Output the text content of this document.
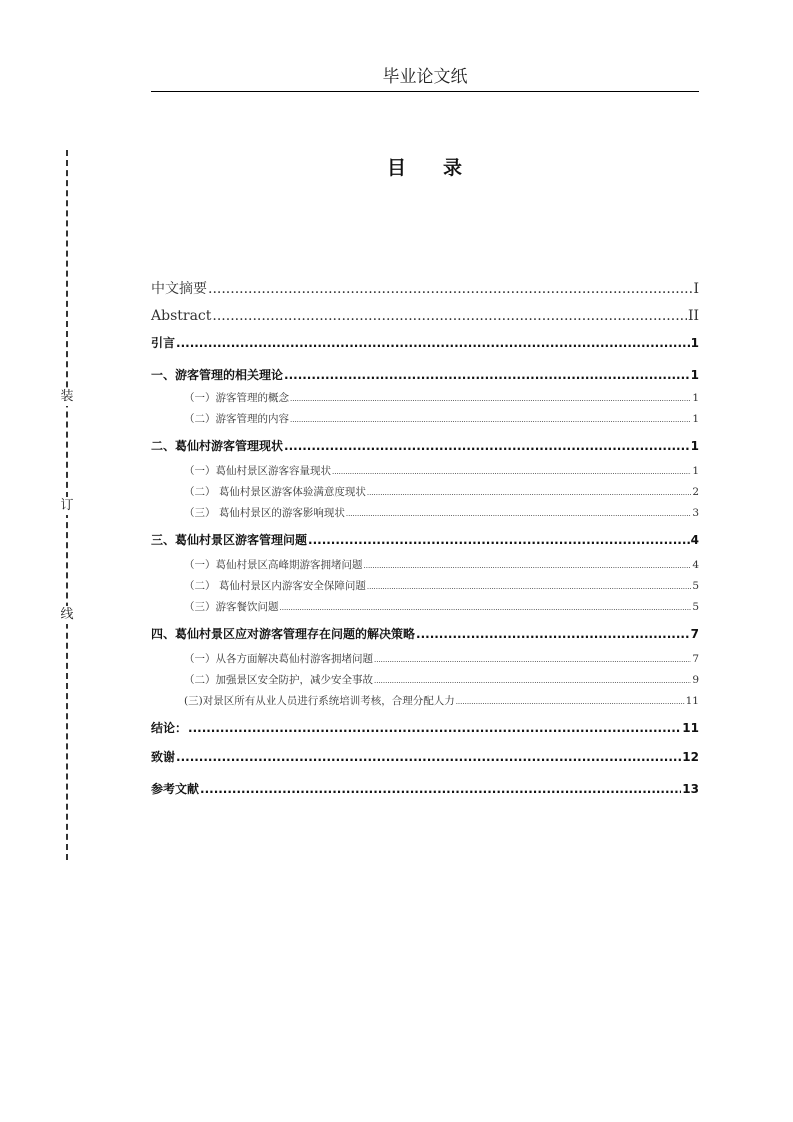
毕业论文纸
装
订
线
目 录
中文摘要 .....	Ⅰ
Abstract .....	ⅠⅠ
引言 .....	1
一、游客管理的相关理论 .....	1
（一）游客管理的概念 .....	1
（二）游客管理的内容 .....	1
二、葛仙村游客管理现状 .....	1
（一）葛仙村景区游客容量现状 .....	1
（二） 葛仙村景区游客体验满意度现状 .....	2
（三） 葛仙村景区的游客影响现状 .....	3
三、葛仙村景区游客管理问题 .....	4
（一）葛仙村景区高峰期游客拥堵问题 .....	4
（二） 葛仙村景区内游客安全保障问题 .....	5
（三）游客餐饮问题 .....	5
四、葛仙村景区应对游客管理存在问题的解决策略 .....	7
（一）从各方面解决葛仙村游客拥堵问题 .....	7
（二）加强景区安全防护，减少安全事故 .....	9
(三)对景区所有从业人员进行系统培训考核，合理分配人力 .....	11
结论： .....	11
致谢 .....	12
参考文献 .....	13
